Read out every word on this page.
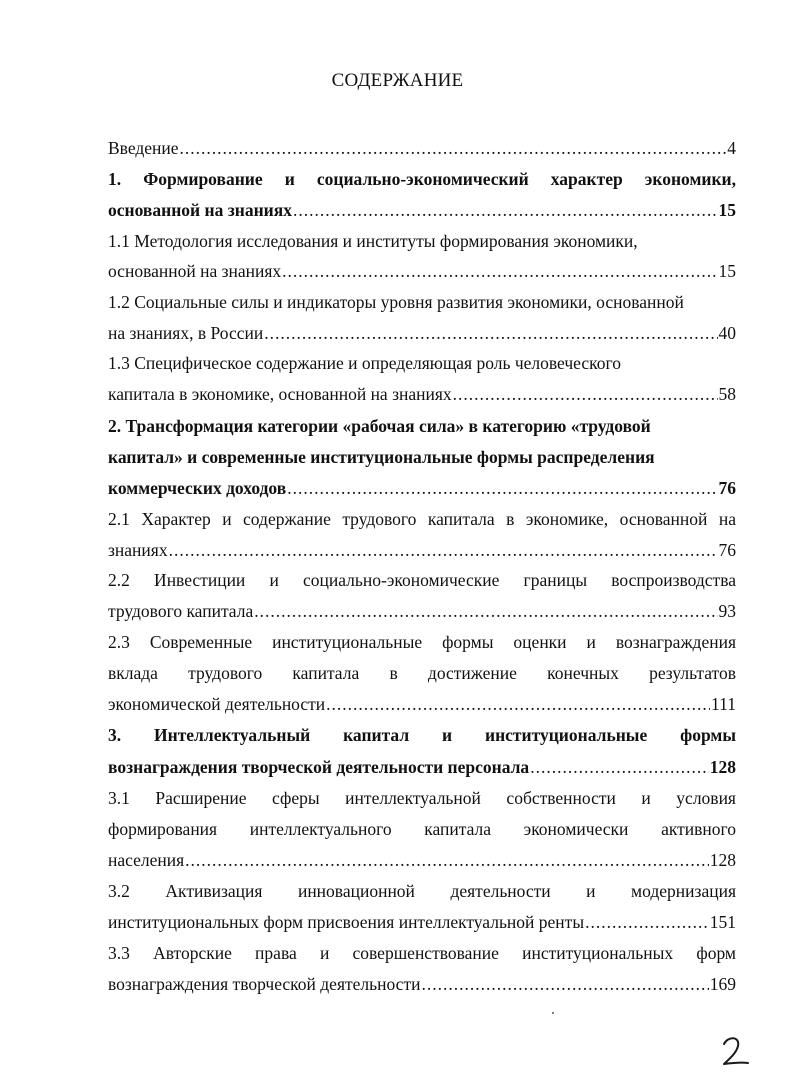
СОДЕРЖАНИЕ
Введение .....	4
1. Формирование и социально-экономический характер экономики,
основанной на знаниях .....	15
1.1 Методология исследования и институты формирования экономики,
основанной на знаниях .....	15
1.2 Социальные силы и индикаторы уровня развития экономики, основанной
на знаниях, в России .....	40
1.3 Специфическое содержание и определяющая роль человеческого
капитала в экономике, основанной на знаниях .....	58
2. Трансформация категории «рабочая сила» в категорию «трудовой
капитал» и современные институциональные формы распределения
коммерческих доходов .....	76
2.1 Характер и содержание трудового капитала в экономике, основанной на
знаниях .....	76
2.2 Инвестиции и социально-экономические границы воспроизводства
трудового капитала .....	93
2.3 Современные институциональные формы оценки и вознаграждения
вклада трудового капитала в достижение конечных результатов
экономической деятельности .....	111
3. Интеллектуальный капитал и институциональные формы
вознаграждения творческой деятельности персонала .....	128
3.1 Расширение сферы интеллектуальной собственности и условия
формирования интеллектуального капитала экономически активного
населения .....	128
3.2 Активизация инновационной деятельности и модернизация
институциональных форм присвоения интеллектуальной ренты .....	151
3.3 Авторские права и совершенствование институциональных форм
вознаграждения творческой деятельности .....	169
